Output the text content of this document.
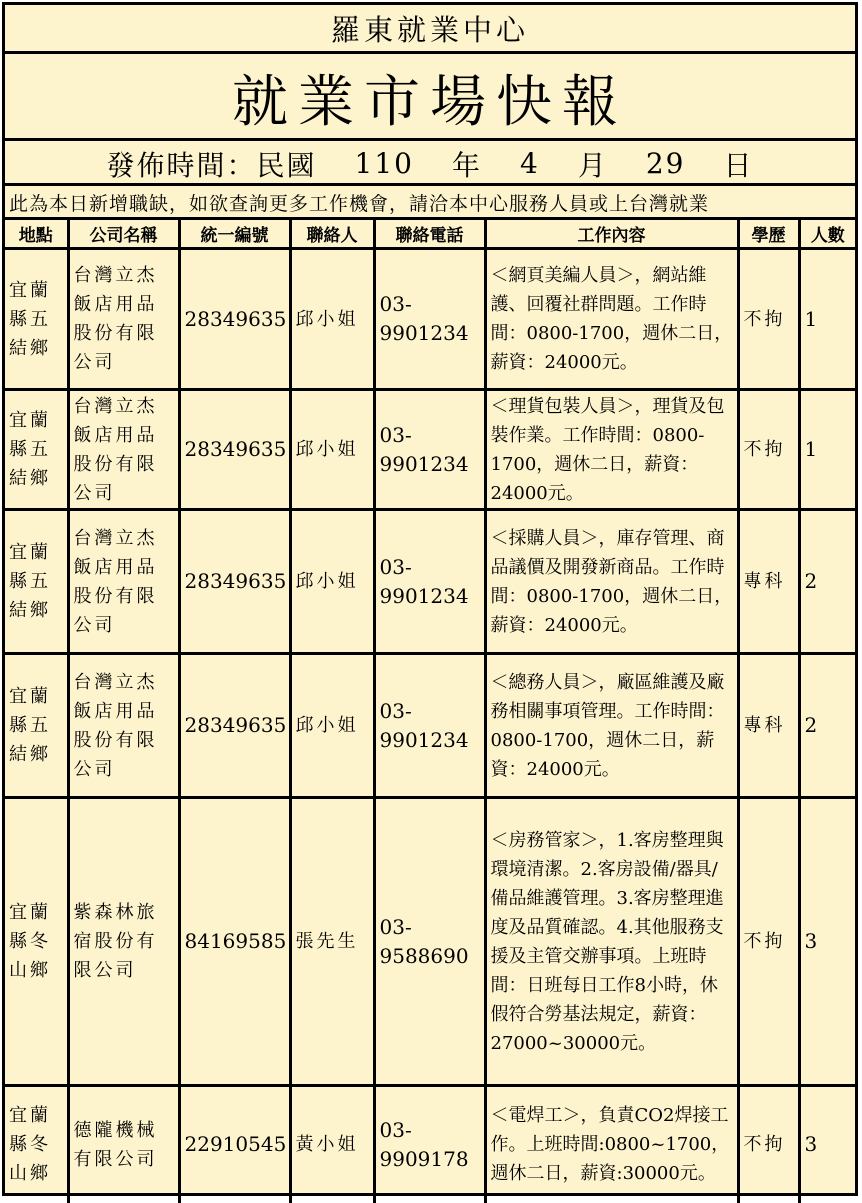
羅東就業中心
就業市場快報
發佈時間：民國 110 年 4 月 29 日
此為本日新增職缺，如欲查詢更多工作機會，請洽本中心服務人員或上台灣就業
地點	公司名稱	統一編號	聯絡人	聯絡電話	工作內容	學歷	人數
宜蘭縣五結鄉	台灣立杰飯店用品股份有限公司	28349635	邱小姐	03-9901234	＜網頁美編人員＞，網站維護、回覆社群問題。工作時間：0800-1700，週休二日，薪資：24000元。	不拘	1
宜蘭縣五結鄉	台灣立杰飯店用品股份有限公司	28349635	邱小姐	03-9901234	＜理貨包裝人員＞，理貨及包裝作業。工作時間：0800-1700，週休二日，薪資：24000元。	不拘	1
宜蘭縣五結鄉	台灣立杰飯店用品股份有限公司	28349635	邱小姐	03-9901234	＜採購人員＞，庫存管理、商品議價及開發新商品。工作時間：0800-1700，週休二日，薪資：24000元。	專科	2
宜蘭縣五結鄉	台灣立杰飯店用品股份有限公司	28349635	邱小姐	03-9901234	＜總務人員＞，廠區維護及廠務相關事項管理。工作時間：0800-1700，週休二日，薪資：24000元。	專科	2
宜蘭縣冬山鄉	紫森林旅宿股份有限公司	84169585	張先生	03-9588690	＜房務管家＞，1.客房整理與環境清潔。2.客房設備/器具/備品維護管理。3.客房整理進度及品質確認。4.其他服務支援及主管交辦事項。上班時間：日班每日工作8小時，休假符合勞基法規定，薪資：27000~30000元。	不拘	3
宜蘭縣冬山鄉	德隴機械有限公司	22910545	黃小姐	03-9909178	＜電焊工＞，負責CO2焊接工作。上班時間:0800~1700，週休二日，薪資:30000元。	不拘	3
